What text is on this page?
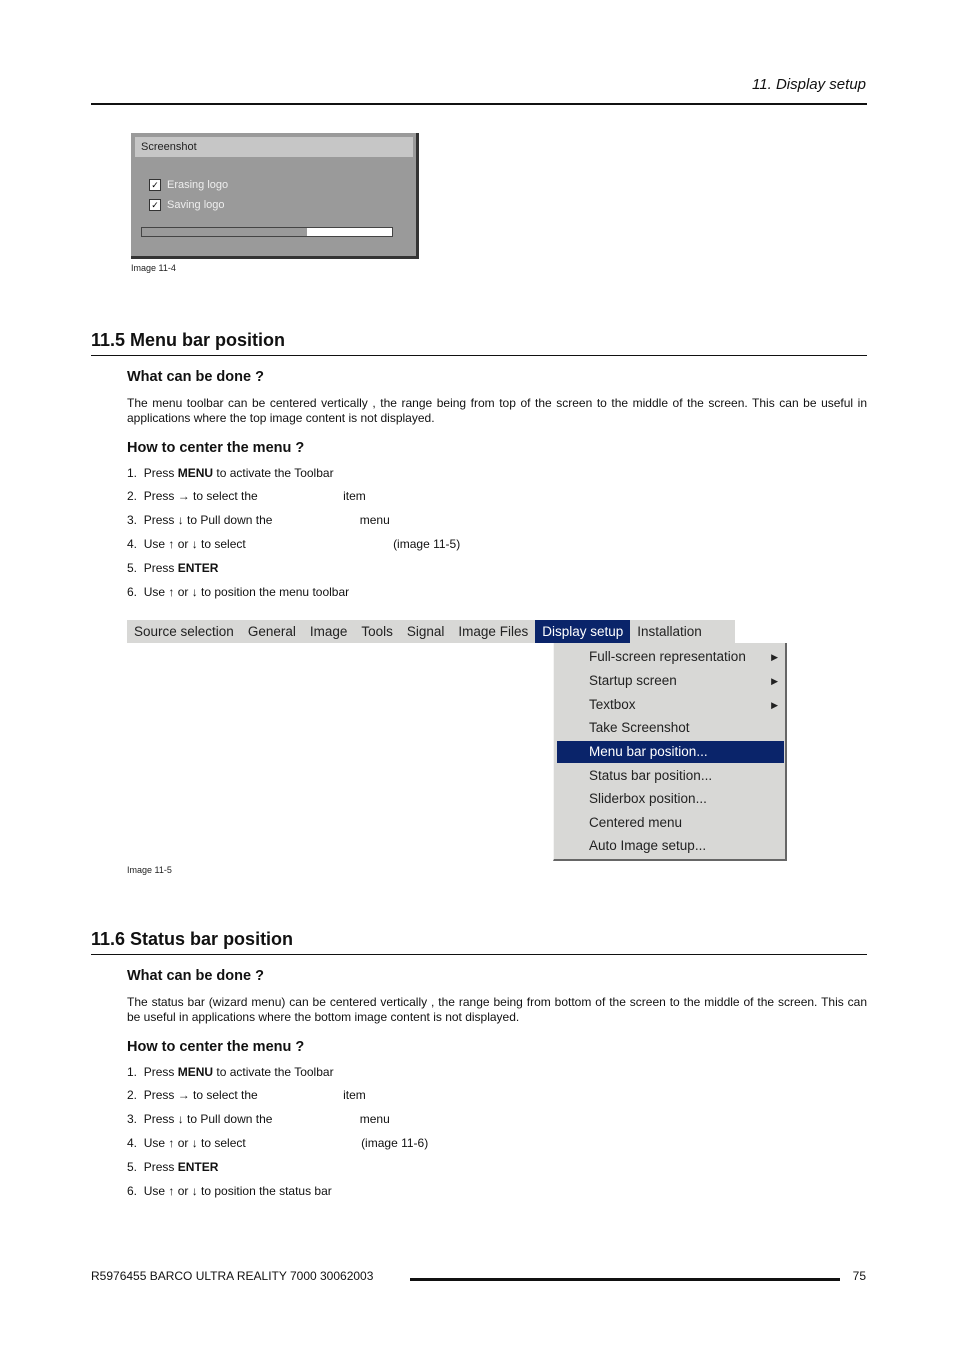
11. Display setup
Screenshot
✓ Erasing logo
✓ Saving logo
Image 11-4
11.5 Menu bar position
What can be done ?
The menu toolbar can be centered vertically , the range being from top of the screen to the middle of the screen. This can be useful in applications where the top image content is not displayed.
How to center the menu ?
1. Press MENU to activate the Toolbar
2. Press → to select the	item
3. Press ↓ to Pull down the	menu
4. Use ↑ or ↓ to select	(image 11-5)
5. Press ENTER
6. Use ↑ or ↓ to position the menu toolbar
Source selection	General	Image	Tools	Signal	Image Files	Display setup	Installation
Full-screen representation	▶
Startup screen	▶
Textbox	▶
Take Screenshot
Menu bar position...
Status bar position...
Sliderbox position...
Centered menu
Auto Image setup...
Image 11-5
11.6 Status bar position
What can be done ?
The status bar (wizard menu) can be centered vertically , the range being from bottom of the screen to the middle of the screen. This can be useful in applications where the bottom image content is not displayed.
How to center the menu ?
1. Press MENU to activate the Toolbar
2. Press → to select the	item
3. Press ↓ to Pull down the	menu
4. Use ↑ or ↓ to select	(image 11-6)
5. Press ENTER
6. Use ↑ or ↓ to position the status bar
R5976455 BARCO ULTRA REALITY 7000 30062003	75
